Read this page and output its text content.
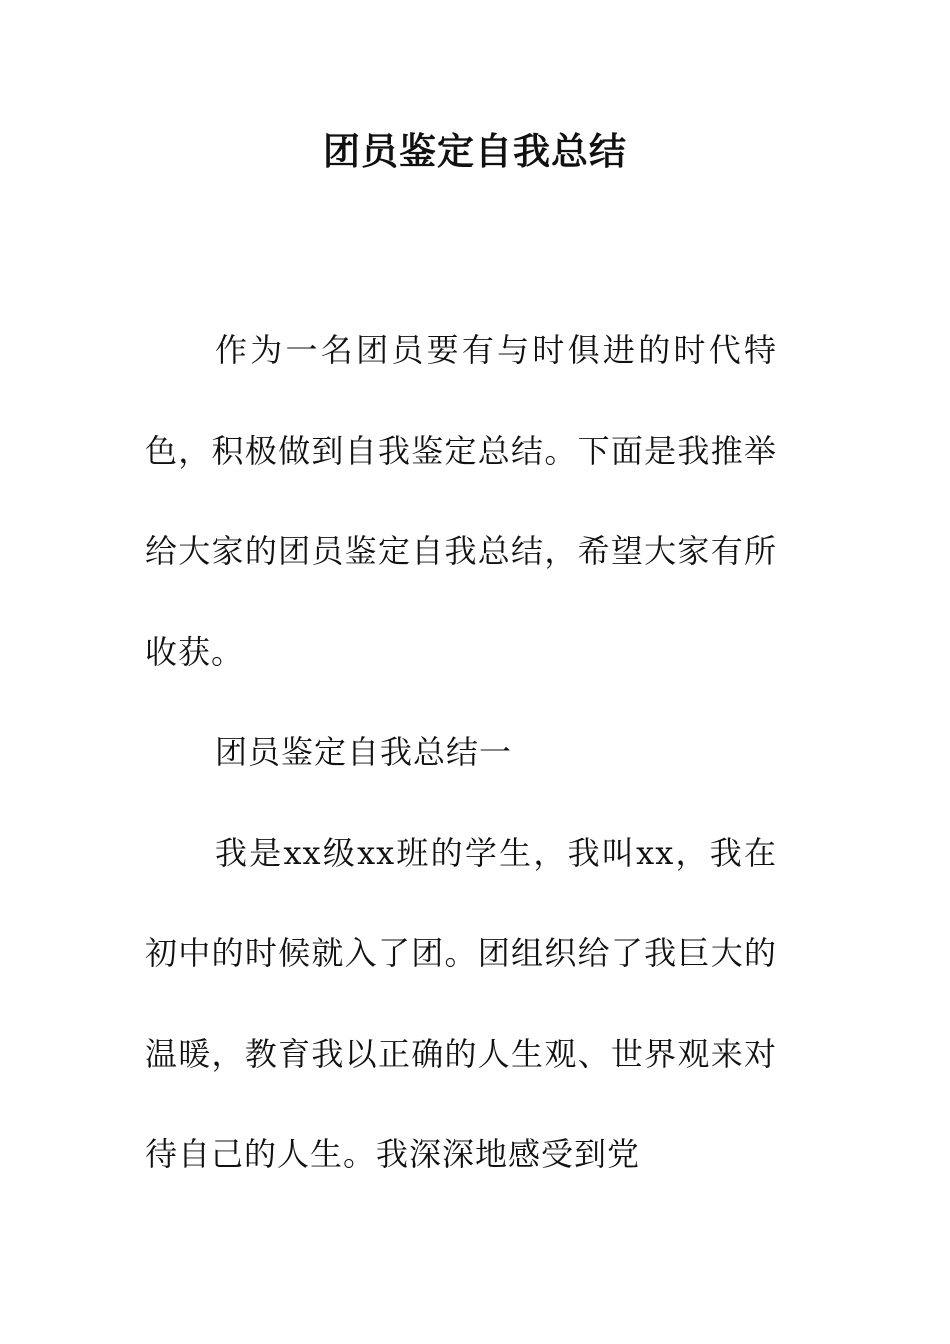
团员鉴定自我总结

作为一名团员要有与时俱进的时代特色，积极做到自我鉴定总结。下面是我推举给大家的团员鉴定自我总结，希望大家有所收获。

团员鉴定自我总结一

我是xx级xx班的学生，我叫xx，我在初中的时候就入了团。团组织给了我巨大的温暖，教育我以正确的人生观、世界观来对待自己的人生。我深深地感受到党
